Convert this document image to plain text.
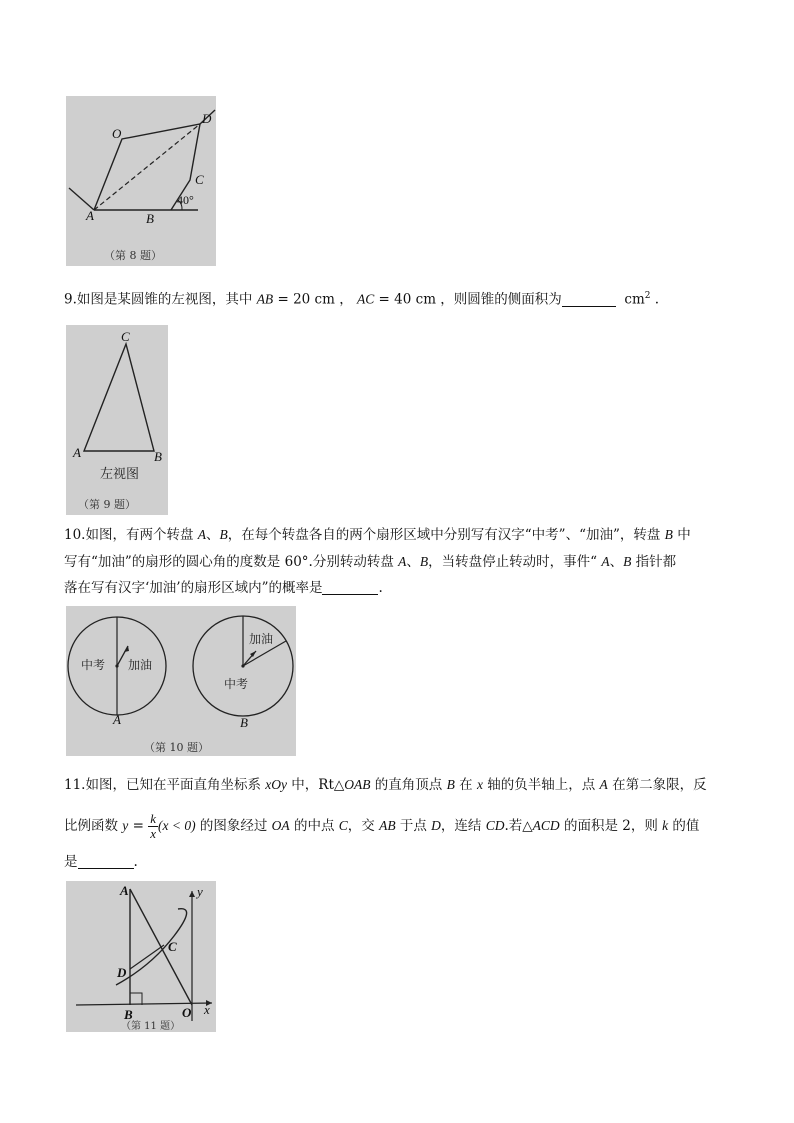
O
D
C
A	B
40°
（第 8 题）
9.如图是某圆锥的左视图，其中 AB = 20 cm ， AC = 40 cm ，则圆锥的侧面积为	$cm^2$ .
C
A	B
左视图
（第 9 题）
10.如图，有两个转盘 A、B，在每个转盘各自的两个扇形区域中分别写有汉字“中考”、“加油”，转盘 B 中
写有“加油”的扇形的圆心角的度数是 60°.分别转动转盘 A、B，当转盘停止转动时，事件“ A、B 指针都
落在写有汉字‘加油’的扇形区域内”的概率是	.
中考 加油
A
加油
中考
B
（第 10 题）
11.如图，已知在平面直角坐标系 xOy 中，Rt△OAB 的直角顶点 B 在 x 轴的负半轴上，点 A 在第二象限，反
比例函数 $y = \frac{k}{x} (x < 0)$ 的图象经过 OA 的中点 C，交 AB 于点 D，连结 CD.若△ACD 的面积是 2，则 k 的值
是	.
A
C
D
B	O x
y
（第 11 题）
